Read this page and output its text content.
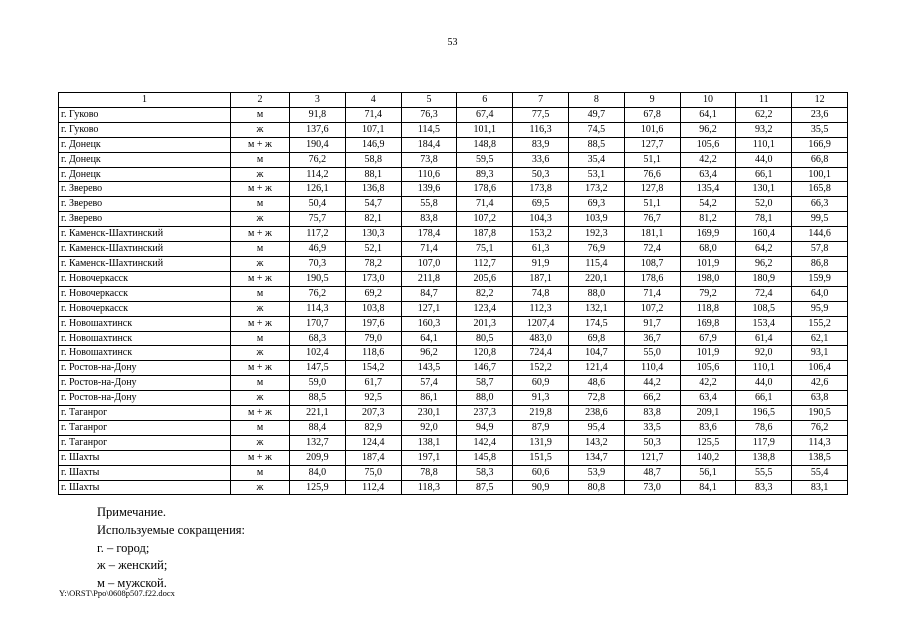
53
1	2	3	4	5	6	7	8	9	10	11	12
г. Гуково	м	91,8	71,4	76,3	67,4	77,5	49,7	67,8	64,1	62,2	23,6
г. Гуково	ж	137,6	107,1	114,5	101,1	116,3	74,5	101,6	96,2	93,2	35,5
г. Донецк	м + ж	190,4	146,9	184,4	148,8	83,9	88,5	127,7	105,6	110,1	166,9
г. Донецк	м	76,2	58,8	73,8	59,5	33,6	35,4	51,1	42,2	44,0	66,8
г. Донецк	ж	114,2	88,1	110,6	89,3	50,3	53,1	76,6	63,4	66,1	100,1
г. Зверево	м + ж	126,1	136,8	139,6	178,6	173,8	173,2	127,8	135,4	130,1	165,8
г. Зверево	м	50,4	54,7	55,8	71,4	69,5	69,3	51,1	54,2	52,0	66,3
г. Зверево	ж	75,7	82,1	83,8	107,2	104,3	103,9	76,7	81,2	78,1	99,5
г. Каменск-Шахтинский	м + ж	117,2	130,3	178,4	187,8	153,2	192,3	181,1	169,9	160,4	144,6
г. Каменск-Шахтинский	м	46,9	52,1	71,4	75,1	61,3	76,9	72,4	68,0	64,2	57,8
г. Каменск-Шахтинский	ж	70,3	78,2	107,0	112,7	91,9	115,4	108,7	101,9	96,2	86,8
г. Новочеркасск	м + ж	190,5	173,0	211,8	205,6	187,1	220,1	178,6	198,0	180,9	159,9
г. Новочеркасск	м	76,2	69,2	84,7	82,2	74,8	88,0	71,4	79,2	72,4	64,0
г. Новочеркасск	ж	114,3	103,8	127,1	123,4	112,3	132,1	107,2	118,8	108,5	95,9
г. Новошахтинск	м + ж	170,7	197,6	160,3	201,3	1207,4	174,5	91,7	169,8	153,4	155,2
г. Новошахтинск	м	68,3	79,0	64,1	80,5	483,0	69,8	36,7	67,9	61,4	62,1
г. Новошахтинск	ж	102,4	118,6	96,2	120,8	724,4	104,7	55,0	101,9	92,0	93,1
г. Ростов-на-Дону	м + ж	147,5	154,2	143,5	146,7	152,2	121,4	110,4	105,6	110,1	106,4
г. Ростов-на-Дону	м	59,0	61,7	57,4	58,7	60,9	48,6	44,2	42,2	44,0	42,6
г. Ростов-на-Дону	ж	88,5	92,5	86,1	88,0	91,3	72,8	66,2	63,4	66,1	63,8
г. Таганрог	м + ж	221,1	207,3	230,1	237,3	219,8	238,6	83,8	209,1	196,5	190,5
г. Таганрог	м	88,4	82,9	92,0	94,9	87,9	95,4	33,5	83,6	78,6	76,2
г. Таганрог	ж	132,7	124,4	138,1	142,4	131,9	143,2	50,3	125,5	117,9	114,3
г. Шахты	м + ж	209,9	187,4	197,1	145,8	151,5	134,7	121,7	140,2	138,8	138,5
г. Шахты	м	84,0	75,0	78,8	58,3	60,6	53,9	48,7	56,1	55,5	55,4
г. Шахты	ж	125,9	112,4	118,3	87,5	90,9	80,8	73,0	84,1	83,3	83,1
Примечание.
Используемые сокращения:
г. – город;
ж – женский;
м – мужской.
Y:\ORST\Ppo\0608p507.f22.docx
